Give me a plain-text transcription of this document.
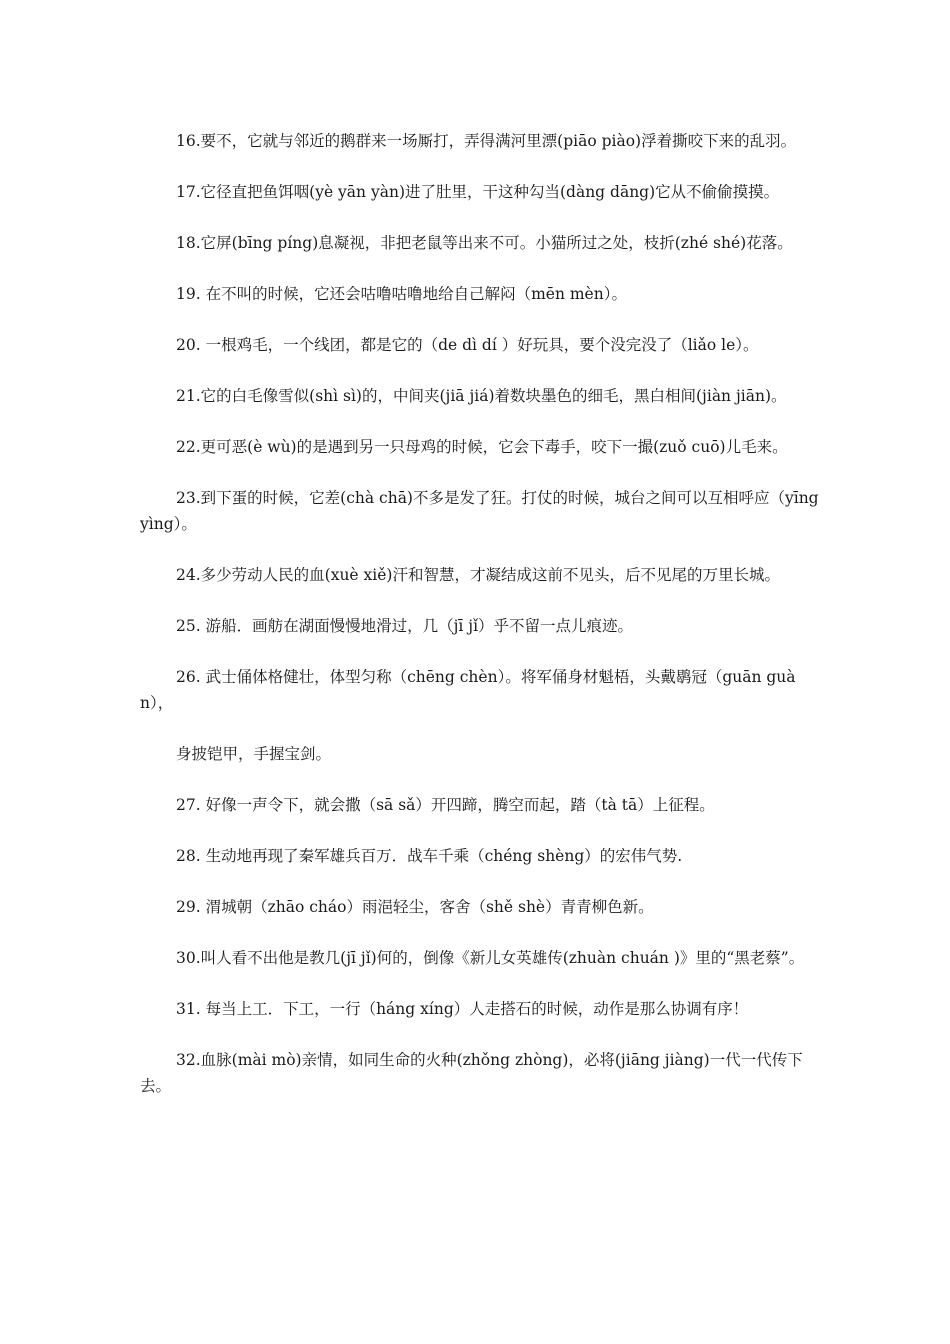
16.要不，它就与邻近的鹅群来一场厮打，弄得满河里漂(piāo piào)浮着撕咬下来的乱羽。

17.它径直把鱼饵咽(yè yān yàn)进了肚里，干这种勾当(dàng dāng)它从不偷偷摸摸。

18.它屏(bīng píng)息凝视，非把老鼠等出来不可。小猫所过之处，枝折(zhé shé)花落。

19. 在不叫的时候，它还会咕噜咕噜地给自己解闷（mēn mèn）。

20. 一根鸡毛，一个线团，都是它的（de dì dí ）好玩具，要个没完没了（liǎo le）。

21.它的白毛像雪似(shì sì)的，中间夹(jiā jiá)着数块墨色的细毛，黑白相间(jiàn jiān)。

22.更可恶(è wù)的是遇到另一只母鸡的时候，它会下毒手，咬下一撮(zuǒ cuō)儿毛来。

23.到下蛋的时候，它差(chà chā)不多是发了狂。打仗的时候，城台之间可以互相呼应（yīng yìng）。

24.多少劳动人民的血(xuè xiě)汗和智慧，才凝结成这前不见头，后不见尾的万里长城。

25. 游船．画舫在湖面慢慢地滑过，几（jī jǐ）乎不留一点儿痕迹。

26. 武士俑体格健壮，体型匀称（chēng chèn）。将军俑身材魁梧，头戴鹖冠（guān guàn），

身披铠甲，手握宝剑。

27. 好像一声令下，就会撒（sā sǎ）开四蹄，腾空而起，踏（tà tā）上征程。

28. 生动地再现了秦军雄兵百万．战车千乘（chéng shèng）的宏伟气势.

29. 渭城朝（zhāo cháo）雨浥轻尘，客舍（shě shè）青青柳色新。

30.叫人看不出他是教几(jī jǐ)何的，倒像《新儿女英雄传(zhuàn chuán )》里的“黑老蔡”。

31. 每当上工．下工，一行（háng xíng）人走搭石的时候，动作是那么协调有序！

32.血脉(mài mò)亲情，如同生命的火种(zhǒng zhòng)，必将(jiāng jiàng)一代一代传下去。
